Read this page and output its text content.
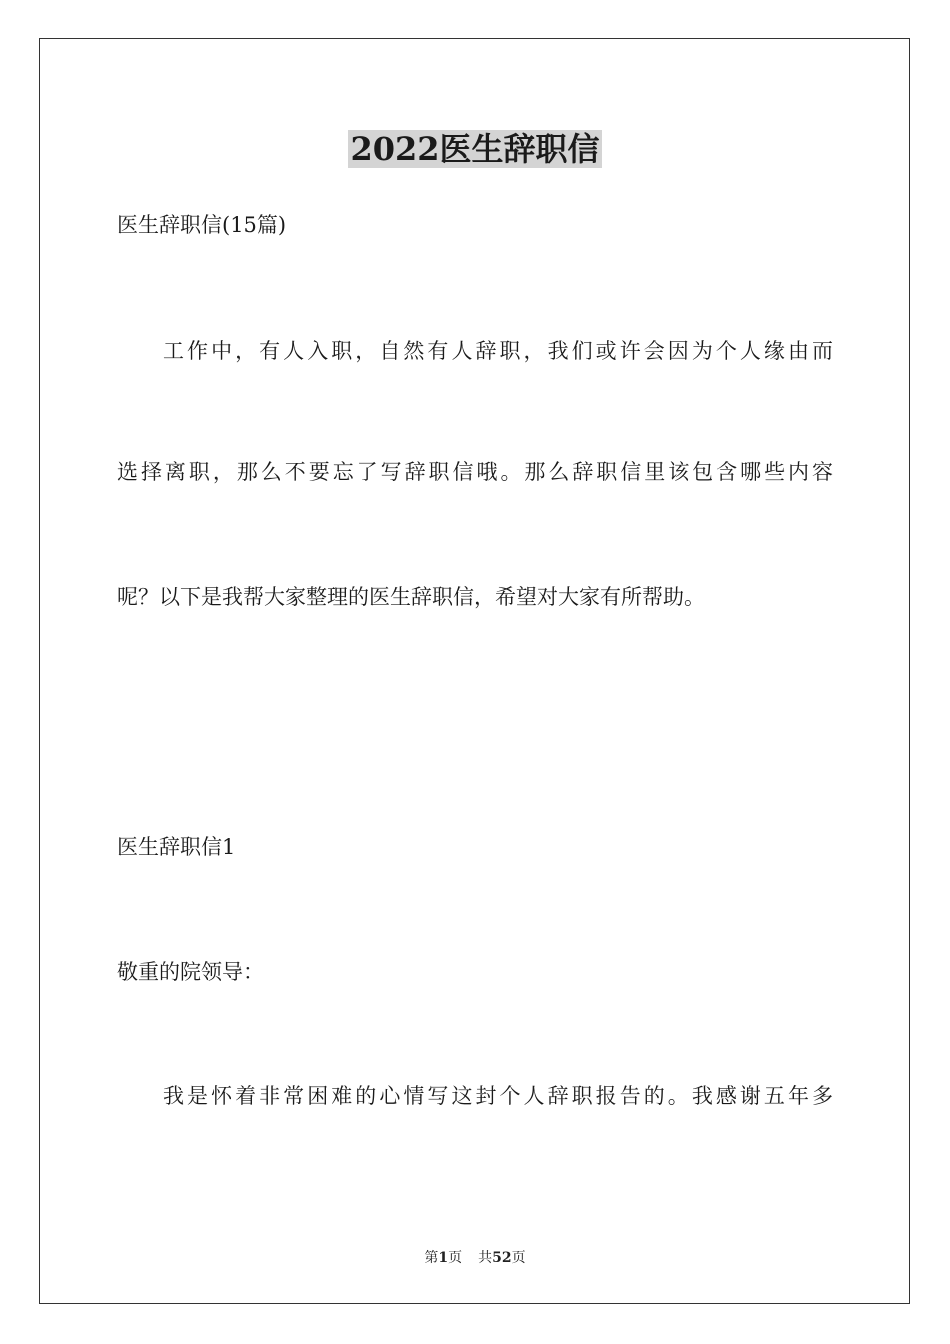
2022医生辞职信
医生辞职信(15篇)
工作中，有人入职，自然有人辞职，我们或许会因为个人缘由而
选择离职，那么不要忘了写辞职信哦。那么辞职信里该包含哪些内容
呢？以下是我帮大家整理的医生辞职信，希望对大家有所帮助。
医生辞职信1
敬重的院领导：
我是怀着非常困难的心情写这封个人辞职报告的。我感谢五年多
第1页 共52页
